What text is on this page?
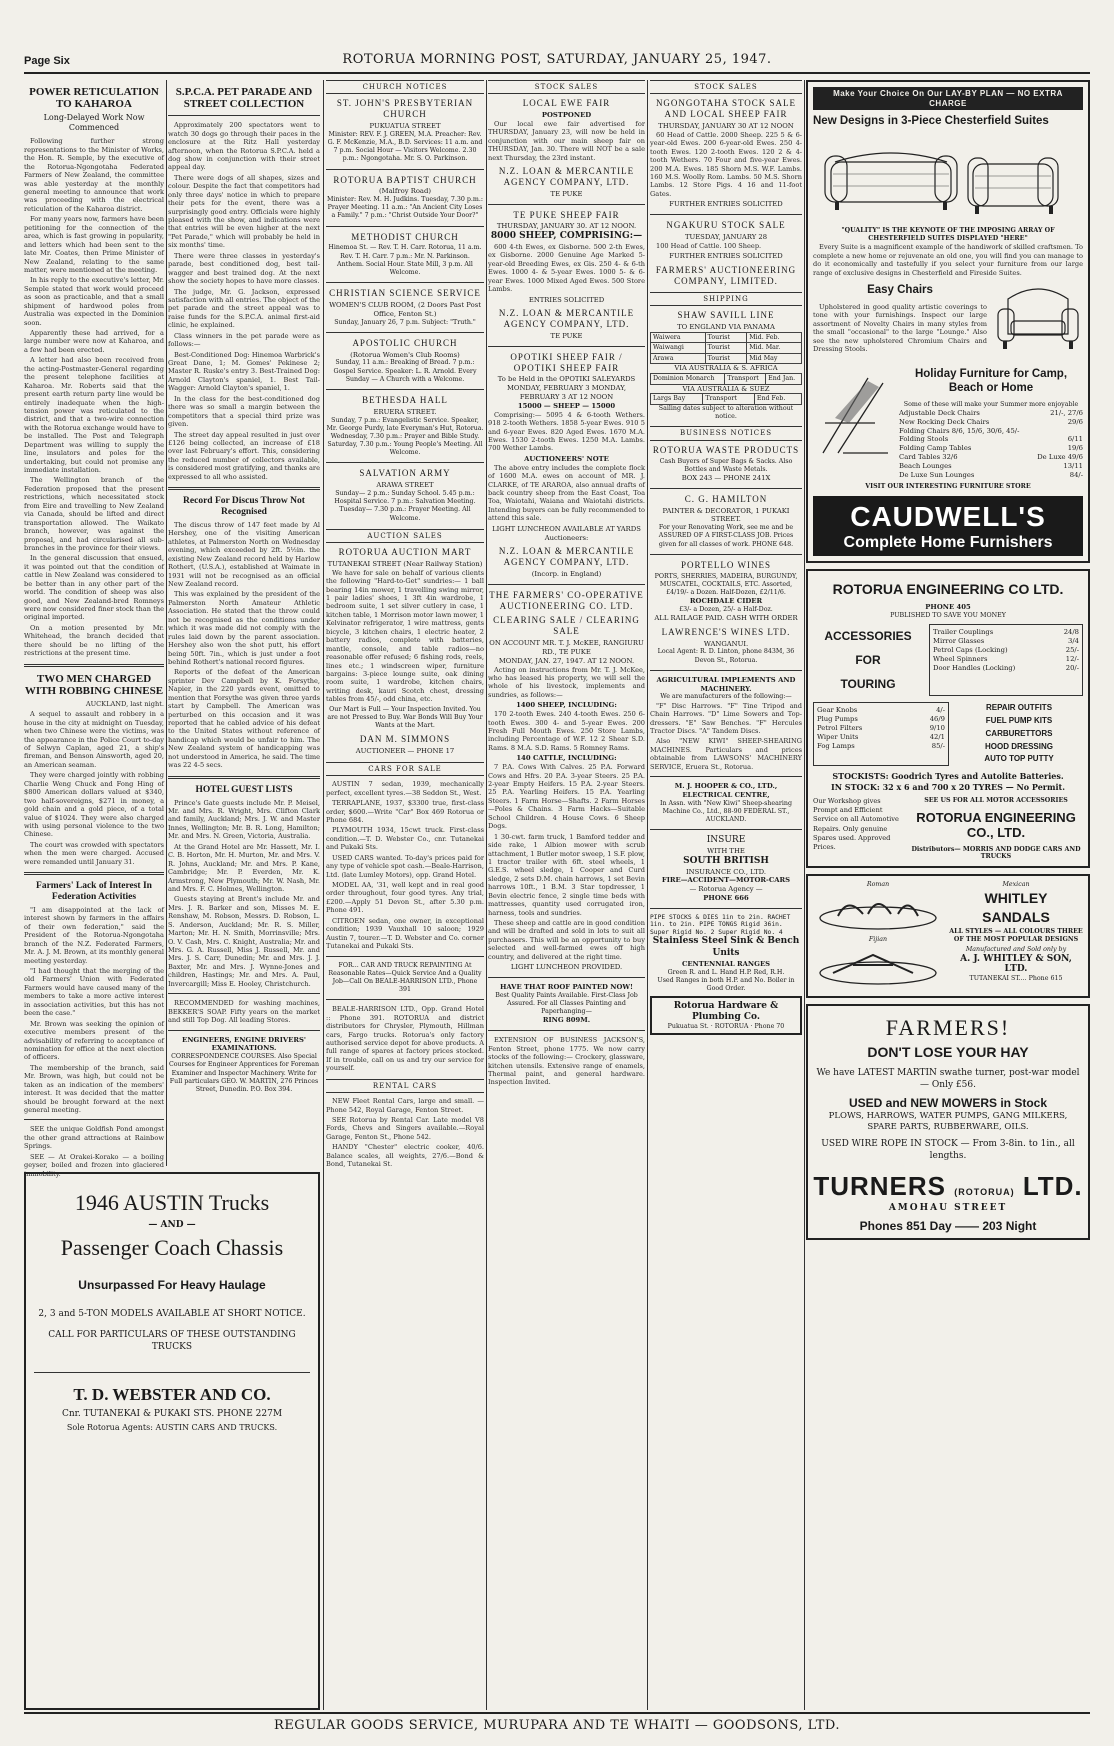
Page Six	ROTORUA MORNING POST, SATURDAY, JANUARY 25, 1947.
POWER RETICULATION TO KAHAROA
Long-Delayed Work Now Commenced

Following further strong representations to the Minister of Works, the Hon. R. Semple, by the executive of the Rotorua-Ngongotaha Federated Farmers of New Zealand, the committee was able yesterday at the monthly general meeting to announce that work was proceeding with the electrical reticulation of the Kaharoa district.

For many years now, farmers have been petitioning for the connection of the area, which is fast growing in popularity, and letters which had been sent to the late Mr. Coates, then Prime Minister of New Zealand, relating to the same matter, were mentioned at the meeting.

In his reply to the executive's letter, Mr. Semple stated that work would proceed as soon as practicable, and that a small shipment of hardwood poles from Australia was expected in the Dominion soon.

Apparently these had arrived, for a large number were now at Kaharoa, and a few had been erected.

A letter had also been received from the acting-Postmaster-General regarding the present telephone facilities at Kaharoa. Mr. Roberts said that the present earth return party line would be entirely inadequate when the high-tension power was reticulated to the district, and that a two-wire connection with the Rotorua exchange would have to be installed. The Post and Telegraph Department was willing to supply the line, insulators and poles for the undertaking, but could not promise any immediate installation.

The Wellington branch of the Federation proposed that the present restrictions, which necessitated stock from Eire and travelling to New Zealand via Canada, should be lifted and direct transportation allowed. The Waikato branch, however, was against the proposal, and had circularised all sub-branches in the province for their views.

In the general discussion that ensued, it was pointed out that the condition of cattle in New Zealand was considered to be better than in any other part of the world. The condition of sheep was also good, and New Zealand-bred Romneys were now considered finer stock than the original imported.

On a motion presented by Mr. Whitehead, the branch decided that there should be no lifting of the restrictions at the present time.

TWO MEN CHARGED WITH ROBBING CHINESE

AUCKLAND, last night.

A sequel to assault and robbery in a house in the city at midnight on Tuesday, when two Chinese were the victims, was the appearance in the Police Court to-day of Selwyn Caplan, aged 21, a ship's fireman, and Benson Ainsworth, aged 20, an American seaman.

They were charged jointly with robbing Charlie Weng Chuck and Fong Hing of $800 American dollars valued at $340, two half-sovereigns, $271 in money, a gold chain and a gold piece, of a total value of $1024. They were also charged with using personal violence to the two Chinese.

The court was crowded with spectators when the men were charged. Accused were remanded until January 31.

Farmers' Lack of Interest In Federation Activities

"I am disappointed at the lack of interest shown by farmers in the affairs of their own federation," said the President of the Rotorua-Ngongotaha branch of the N.Z. Federated Farmers, Mr. A. J. M. Brown, at its monthly general meeting yesterday.

"I had thought that the merging of the old Farmers' Union with Federated Farmers would have caused many of the members to take a more active interest in association activities, but this has not been the case."

Mr. Brown was seeking the opinion of executive members present of the advisability of referring to acceptance of nomination for office at the next election of officers.

The membership of the branch, said Mr. Brown, was high, but could not be taken as an indication of the members' interest. It was decided that the matter should be brought forward at the next general meeting.

SEE the unique Goldfish Pond amongst the other grand attractions at Rainbow Springs.

SEE — At Orakei-Korako — a boiling geyser, boiled and frozen into glaciered immobility.

S.P.C.A. PET PARADE AND STREET COLLECTION

Approximately 200 spectators went to watch 30 dogs go through their paces in the enclosure at the Ritz Hall yesterday afternoon, when the Rotorua S.P.C.A. held a dog show in conjunction with their street appeal day.

There were dogs of all shapes, sizes and colour. Despite the fact that competitors had only three days' notice in which to prepare their pets for the event, there was a surprisingly good entry. Officials were highly pleased with the show, and indications were that entries will be even higher at the next "Pet Parade," which will probably be held in six months' time.

There were three classes in yesterday's parade, best conditioned dog, best tail-wagger and best trained dog. At the next show the society hopes to have more classes.

The judge, Mr. G. Jackson, expressed satisfaction with all entries. The object of the pet parade and the street appeal was to raise funds for the S.P.C.A. animal first-aid clinic, he explained.

Class winners in the pet parade were as follows:—

Best-Conditioned Dog: Hinemoa Warbrick's Great Dane, 1; M. Gomes' Pekinese 2; Master R. Ruske's entry 3. Best-Trained Dog: Arnold Clayton's spaniel, 1. Best Tail-Wagger: Arnold Clayton's spaniel, 1.

In the class for the best-conditioned dog there was so small a margin between the competitors that a special third prize was given.

The street day appeal resulted in just over £126 being collected, an increase of £18 over last February's effort. This, considering the reduced number of collectors available, is considered most gratifying, and thanks are expressed to all who assisted.

Record For Discus Throw Not Recognised

The discus throw of 147 feet made by Al Hershey, one of the visiting American athletes, at Palmerston North on Wednesday evening, which exceeded by 2ft. 5½in. the existing New Zealand record held by Harlow Rothert, (U.S.A.), established at Waimate in 1931 will not be recognised as an official New Zealand record.

This was explained by the president of the Palmerston North Amateur Athletic Association. He stated that the throw could not be recognised as the conditions under which it was made did not comply with the rules laid down by the parent association. Hershey also won the shot putt, his effort being 50ft. 7in., which is just under a foot behind Rothert's national record figures.

Reports of the defeat of the American sprinter Dev Campbell by K. Forsythe, Napier, in the 220 yards event, omitted to mention that Forsythe was given three yards start by Campbell. The American was perturbed on this occasion and it was reported that he cabled advice of his defeat to the United States without reference of handicap which would be unfair to him. The New Zealand system of handicapping was not understood in America, he said. The time was 22 4-5 secs.

HOTEL GUEST LISTS

Prince's Gate guests include Mr. P. Meisel, Mr. and Mrs. R. Wright, Mrs. Clifton Clark and family, Auckland; Mrs. J. W. and Master Innes, Wellington; Mr. B. R. Long, Hamilton; Mr. and Mrs. N. Green, Victoria, Australia.

At the Grand Hotel are Mr. Hassett, Mr. I. C. B. Horton, Mr. H. Murton, Mr. and Mrs. V. R. Johns, Auckland; Mr. and Mrs. P. Kane, Cambridge; Mr. P. Everden, Mr. K. Armstrong, New Plymouth; Mr. W. Nash, Mr. and Mrs. F. C. Holmes, Wellington.

Guests staying at Brent's include Mr. and Mrs. J. R. Barker and son, Misses M. E. Renshaw, M. Robson, Messrs. D. Robson, L. S. Anderson, Auckland; Mr. R. S. Miller, Marton; Mr. H. N. Smith, Morrinsville; Mrs. O. V. Cash, Mrs. C. Knight, Australia; Mr. and Mrs. G. A. Russell, Miss J. Russell, Mr. and Mrs. J. S. Carr, Dunedin; Mr. and Mrs. J. J. Baxter, Mr. and Mrs. J. Wynne-Jones and children, Hastings; Mr. and Mrs. A. Paul, Invercargill; Miss E. Hooley, Christchurch.

RECOMMENDED for washing machines, BEKKER'S SOAP. Fifty years on the market and still Top Dog. All leading Stores.

ENGINEERS, ENGINE DRIVERS' EXAMINATIONS.
CORRESPONDENCE COURSES. Also Special Courses for Engineer Apprentices for Foreman Examiner and Inspector Machinery. Write for Full particulars GEO. W. MARTIN, 276 Princes Street, Dunedin. P.O. Box 394.
1946 AUSTIN Trucks
— AND —
Passenger Coach Chassis
Unsurpassed For Heavy Haulage
2, 3 and 5-TON MODELS AVAILABLE AT SHORT NOTICE.
CALL FOR PARTICULARS OF THESE OUTSTANDING TRUCKS
T. D. WEBSTER AND CO.
Cnr. TUTANEKAI & PUKAKI STS. PHONE 227M
Sole Rotorua Agents: AUSTIN CARS AND TRUCKS.
CHURCH NOTICES
ST. JOHN'S PRESBYTERIAN CHURCH
PUKUATUA STREET
Minister: REV. F. J. GREEN, M.A. Preacher: Rev. G. F. McKenzie, M.A., B.D. Services: 11 a.m. and 7 p.m. Social Hour — Visitors Welcome. 2.30 p.m.: Ngongotaha. Mr. S. O. Parkinson.
ROTORUA BAPTIST CHURCH
(Malfroy Road)
Minister: Rev. M. H. Judkins. Tuesday, 7.30 p.m.: Prayer Meeting. 11 a.m.: "An Ancient City Loses a Family." 7 p.m.: "Christ Outside Your Door?"
METHODIST CHURCH
Hinemoa St. — Rev. T. H. Carr. Rotorua, 11 a.m. Rev. T. H. Carr. 7 p.m.: Mr. N. Parkinson. Anthem. Social Hour. State Mill, 3 p.m. All Welcome.
CHRISTIAN SCIENCE SERVICE
WOMEN'S CLUB ROOM, (2 Doors Past Post Office, Fenton St.)
Sunday, January 26, 7 p.m. Subject: "Truth."
APOSTOLIC CHURCH
(Rotorua Women's Club Rooms)
Sunday, 11 a.m.: Breaking of Bread. 7 p.m.: Gospel Service. Speaker: L. R. Arnold. Every Sunday — A Church with a Welcome.
BETHESDA HALL
ERUERA STREET.
Sunday, 7 p.m.: Evangelistic Service. Speaker, Mr. George Purdy, late Everyman's Hut, Rotorua. Wednesday, 7.30 p.m.: Prayer and Bible Study. Saturday, 7.30 p.m.: Young People's Meeting. All Welcome.
SALVATION ARMY
ARAWA STREET
Sunday— 2 p.m.: Sunday School. 5.45 p.m.: Hospital Service. 7 p.m.: Salvation Meeting. Tuesday— 7.30 p.m.: Prayer Meeting. All Welcome.
AUCTION SALES
ROTORUA AUCTION MART
TUTANEKAI STREET (Near Railway Station)

We have for sale on behalf of various clients the following "Hard-to-Get" sundries:— 1 ball bearing 14in mower, 1 travelling swing mirror, 1 pair ladies' shoes, 1 3ft 4in wardrobe, 1 bedroom suite, 1 set silver cutlery in case, 1 kitchen table, 1 Morrison motor lawn mower, 1 Kelvinator refrigerator, 1 wire mattress, gents bicycle, 3 kitchen chairs, 1 electric heater, 2 battery radios, complete with batteries, mantle, console, and table radios—no reasonable offer refused; 6 fishing rods, reels, lines etc.; 1 windscreen wiper, furniture bargains: 3-piece lounge suite, oak dining room suite, 1 wardrobe, kitchen chairs, writing desk, kauri Scotch chest, dressing tables from 45/-, odd china, etc.

Our Mart is Full — Your Inspection Invited. You are not Pressed to Buy. War Bonds Will Buy Your Wants at the Mart.
DAN M. SIMMONS
AUCTIONEER — PHONE 17
CARS FOR SALE

AUSTIN 7 sedan, 1939, mechanically perfect, excellent tyres.—38 Seddon St., West.

TERRAPLANE, 1937, $3300 true, first-class order, $600.—Write "Car" Box 469 Rotorua or Phone 684.

PLYMOUTH 1934, 15cwt truck. First-class condition.—T. D. Webster Co., cnr. Tutanekai and Pukaki Sts.

USED CARS wanted. To-day's prices paid for any type of vehicle spot cash.—Beale-Harrison, Ltd. (late Lumley Motors), opp. Grand Hotel.

MODEL AA, '31, well kept and in real good order throughout, four good tyres. Any trial, £200.—Apply 51 Devon St., after 5.30 p.m. Phone 491.

CITROEN sedan, one owner, in exceptional condition; 1939 Vauxhall 10 saloon; 1929 Austin 7, tourer.—T. D. Webster and Co. corner Tutanekai and Pukaki Sts.

FOR... CAR AND TRUCK REPAINTING At Reasonable Rates—Quick Service And a Quality Job—Call On BEALE-HARRISON LTD., Phone 391

BEALE-HARRISON LTD., Opp. Grand Hotel :: Phone 391. ROTORUA and district distributors for Chrysler, Plymouth, Hillman cars, Fargo trucks. Rotorua's only factory authorised service depot for above products. A full range of spares at factory prices stocked. If in trouble, call on us and try our service for yourself.

RENTAL CARS

NEW Fleet Rental Cars, large and small. — Phone 542, Royal Garage, Fenton Street.

SEE Rotorua by Rental Car. Late model V8 Fords, Chevs and Singers available.—Royal Garage, Fenton St., Phone 542.

HANDY "Chester" electric cooker, 40/6. Balance scales, all weights, 27/6.—Bond & Bond, Tutanekai St.

STOCK SALES
LOCAL EWE FAIR
POSTPONED

Our local ewe fair advertised for THURSDAY, January 23, will now be held in conjunction with our main sheep fair on THURSDAY, Jan. 30. There will NOT be a sale next Thursday, the 23rd instant.

N.Z. LOAN & MERCANTILE AGENCY COMPANY, LTD.
TE PUKE
TE PUKE SHEEP FAIR
THURSDAY, JANUARY 30. AT 12 NOON.
8000 SHEEP, COMPRISING:—

600 4-th Ewes, ex Gisborne. 500 2-th Ewes, ex Gisborne. 2000 Genuine Age Marked 5-year-old Breeding Ewes, ex Gis. 250 4- & 6-th Ewes. 1000 4- & 5-year Ewes. 1000 5- & 6-year Ewes. 1000 Mixed Aged Ewes. 500 Store Lambs.

ENTRIES SOLICITED
N.Z. LOAN & MERCANTILE AGENCY COMPANY, LTD.
TE PUKE
OPOTIKI SHEEP FAIR / OPOTIKI SHEEP FAIR
To be Held in the OPOTIKI SALEYARDS MONDAY, FEBRUARY 3 MONDAY, FEBRUARY 3 AT 12 NOON
15000 — SHEEP — 15000

Comprising:— 5095 4 & 6-tooth Wethers. 918 2-tooth Wethers. 1858 5-year Ewes. 910 5 and 6-year Ewes. 820 Aged Ewes. 1670 M.A. Ewes. 1530 2-tooth Ewes. 1250 M.A. Lambs. 700 Wether Lambs.

AUCTIONEERS' NOTE

The above entry includes the complete flock of 1600 M.A. ewes on account of MR. J. CLARKE, of TE ARAROA, also annual drafts of back country sheep from the East Coast, Toa Toa, Waiotahi, Waiana and Waiotahi districts. Intending buyers can be fully recommended to attend this sale.

LIGHT LUNCHEON AVAILABLE AT YARDS
Auctioneers:
N.Z. LOAN & MERCANTILE AGENCY COMPANY, LTD.
(Incorp. in England)
THE FARMERS' CO-OPERATIVE AUCTIONEERING CO. LTD.
CLEARING SALE / CLEARING SALE
ON ACCOUNT MR. T. J. McKEE, RANGIURU RD., TE PUKE
MONDAY, JAN. 27, 1947. AT 12 NOON.

Acting on instructions from Mr. T. J. McKee, who has leased his property, we will sell the whole of his livestock, implements and sundries, as follows:—

1400 SHEEP, INCLUDING:

170 2-tooth Ewes. 240 4-tooth Ewes. 250 6-tooth Ewes. 300 4- and 5-year Ewes. 200 Fresh Full Mouth Ewes. 250 Store Lambs, including Percentage of W.F. 12 2 Shear S.D. Rams. 8 M.A. S.D. Rams. 5 Romney Rams.

140 CATTLE, INCLUDING:

7 P.A. Cows With Calves. 25 P.A. Forward Cows and Hfrs. 20 P.A. 3-year Steers. 25 P.A. 2-year Empty Heifers. 15 P.A. 2-year Steers. 25 P.A. Yearling Heifers. 15 P.A. Yearling Steers. 1 Farm Horse—Shafts. 2 Farm Horses—Poles & Chains. 3 Farm Hacks—Suitable School Children. 4 House Cows. 6 Sheep Dogs.

1 30-cwt. farm truck, 1 Bamford tedder and side rake, 1 Albion mower with scrub attachment, 1 Butler motor sweep, 1 S.F. plow, 1 tractor trailer with 6ft. steel wheels, 1 G.E.S. wheel sledge, 1 Cooper and Curd sledge, 2 sets D.M. chain harrows, 1 set Bevin harrows 10ft., 1 B.M. 3 Star topdresser, 1 Bevin electric fence, 2 single time beds with mattresses, quantity used corrugated iron, harness, tools and sundries.

These sheep and cattle are in good condition and will be drafted and sold in lots to suit all purchasers. This will be an opportunity to buy selected and well-farmed ewes off high country, and delivered at the right time.

LIGHT LUNCHEON PROVIDED.
HAVE THAT ROOF PAINTED NOW!
Best Quality Paints Available. First-Class Job Assured. For all Classes Painting and Paperhanging—
RING 809M.

EXTENSION OF BUSINESS JACKSON'S, Fenton Street, phone 1775. We now carry stocks of the following:— Crockery, glassware, kitchen utensils. Extensive range of enamels, Thermal paint, and general hardware. Inspection Invited.

STOCK SALES
NGONGOTAHA STOCK SALE AND LOCAL SHEEP FAIR
THURSDAY, JANUARY 30 AT 12 NOON

60 Head of Cattle. 2000 Sheep. 225 5 & 6-year-old Ewes. 200 6-year-old Ewes. 250 4-tooth Ewes. 120 2-tooth Ewes. 120 2 & 4-tooth Wethers. 70 Four and five-year Ewes. 200 M.A. Ewes. 185 Shorn M.S. W.F. Lambs. 160 M.S. Woolly Rom. Lambs. 50 M.S. Shorn Lambs. 12 Store Pigs. 4 16 and 11-foot Gates.

FURTHER ENTRIES SOLICITED
NGAKURU STOCK SALE
TUESDAY, JANUARY 28

100 Head of Cattle. 100 Sheep.

FURTHER ENTRIES SOLICITED
FARMERS' AUCTIONEERING COMPANY, LIMITED.
SHIPPING
SHAW SAVILL LINE
TO ENGLAND VIA PANAMA
Waiwera	Tourist	Mid. Feb.
Waiwangi	Tourist	Mid. Mar.
Arawa	Tourist	Mid May
VIA AUSTRALIA & S. AFRICA
Dominion Monarch	Transport	End Jan.
VIA AUSTRALIA & SUEZ
Largs Bay	Transport	End Feb.
Sailing dates subject to alteration without notice.
BUSINESS NOTICES
ROTORUA WASTE PRODUCTS
Cash Buyers of Super Bags & Sacks. Also Bottles and Waste Metals.
BOX 243 — PHONE 241X
C. G. HAMILTON
PAINTER & DECORATOR, 1 PUKAKI STREET.
For your Renovating Work, see me and be ASSURED OF A FIRST-CLASS JOB. Prices given for all classes of work. PHONE 648.
PORTELLO WINES
PORTS, SHERRIES, MADEIRA, BURGUNDY, MUSCATEL, COCKTAILS, ETC. Assorted, £4/19/- a Dozen. Half-Dozen, £2/11/6.
ROCHDALE CIDER
£3/- a Dozen, 25/- a Half-Doz.
ALL RAILAGE PAID. CASH WITH ORDER
LAWRENCE'S WINES LTD.
WANGANUI.
Local Agent: R. D. Linton, phone 843M, 36 Devon St., Rotorua.
AGRICULTURAL IMPLEMENTS AND MACHINERY.
We are manufacturers of the following:—

"F" Disc Harrows. "F" Tine Tripod and Chain Harrows. "D" Lime Sowers and Top-dressers. "E" Saw Benches. "F" Hercules Tractor Discs. "A" Tandem Discs.

Also "NEW KIWI" SHEEP-SHEARING MACHINES. Particulars and prices obtainable from LAWSONS' MACHINERY SERVICE, Eruera St., Rotorua.

M. J. HOOPER & CO., LTD., ELECTRICAL CENTRE,
In Assn. with "New Kiwi" Sheep-shearing Machine Co., Ltd., 88-90 FEDERAL ST., AUCKLAND.
INSURE
WITH THE
SOUTH BRITISH
INSURANCE CO., LTD.
FIRE—ACCIDENT—MOTOR-CARS
— Rotorua Agency —
PHONE 666
PIPE STOCKS & DIES 1in to 2in. RACHET 1in. to 2in. PIPE TONGS Rigid 36in. Super Rigid No. 2 Super Rigid No. 4
Stainless Steel Sink & Bench Units
CENTENNIAL RANGES
Green R. and L. Hand H.P. Red, R.H.
Used Ranges in both H.P. and No. Boiler in Good Order.
Rotorua Hardware & Plumbing Co.
Pukuatua St. · ROTORUA · Phone 70
Make Your Choice On Our LAY-BY PLAN — NO EXTRA CHARGE
New Designs in 3-Piece Chesterfield Suites
"QUALITY" IS THE KEYNOTE OF THE IMPOSING ARRAY OF CHESTERFIELD SUITES DISPLAYED "HERE"

Every Suite is a magnificent example of the handiwork of skilled craftsmen. To complete a new home or rejuvenate an old one, you will find you can manage to do it economically and tastefully if you select your furniture from our large range of exclusive designs in Chesterfield and Fireside Suites.

Easy Chairs

Upholstered in good quality artistic coverings to tone with your furnishings. Inspect our large assortment of Novelty Chairs in many styles from the small "occasional" to the large "Lounge." Also see the new upholstered Chromium Chairs and Dressing Stools.

Holiday Furniture for Camp, Beach or Home
Some of these will make your Summer more enjoyable
Adjustable Deck Chairs	21/-, 27/6
New Rocking Deck Chairs	29/6
Folding Chairs 8/6, 15/6, 30/6, 45/-
Folding Stools	6/11
Folding Camp Tables	19/6
Card Tables 32/6	De Luxe 49/6
Beach Lounges	13/11
De Luxe Sun Lounges	84/-
VISIT OUR INTERESTING FURNITURE STORE
CAUDWELL'S
Complete Home Furnishers
ROTORUA ENGINEERING CO LTD.
PHONE 405
PUBLISHED TO SAVE YOU MONEY
ACCESSORIES
FOR
TOURING
Trailer Couplings	24/8
Mirror Glasses	3/4
Petrol Caps (Locking)	25/-
Wheel Spinners	12/-
Door Handles (Locking)	20/-
Gear Knobs	4/-
Plug Pumps	46/9
Petrol Filters	9/10
Wiper Units	42/1
Fog Lamps	85/-
REPAIR OUTFITS
FUEL PUMP KITS
CARBURETTORS
HOOD DRESSING
AUTO TOP PUTTY
STOCKISTS: Goodrich Tyres and Autolite Batteries.
IN STOCK: 32 x 6 and 700 x 20 TYRES — No Permit.
Our Workshop gives Prompt and Efficient Service on all Automotive Repairs. Only genuine Spares used. Approved Prices.
SEE US FOR ALL MOTOR ACCESSORIES
ROTORUA ENGINEERING CO., LTD.
Distributors— MORRIS AND DODGE CARS AND TRUCKS
Roman
Fijian
Mexican
WHITLEY
SANDALS
ALL STYLES — ALL COLOURS THREE OF THE MOST POPULAR DESIGNS
Manufactured and Sold only by
A. J. WHITLEY & SON, LTD.
TUTANEKAI ST.... Phone 615
FARMERS!
DON'T LOSE YOUR HAY
We have LATEST MARTIN swathe turner, post-war model — Only £56.
USED and NEW MOWERS in Stock
PLOWS, HARROWS, WATER PUMPS, GANG MILKERS, SPARE PARTS, RUBBERWARE, OILS.
USED WIRE ROPE IN STOCK — From 3-8in. to 1in., all lengths.
TURNERS (ROTORUA) LTD.
AMOHAU STREET
Phones 851 Day —— 203 Night
REGULAR GOODS SERVICE, MURUPARA AND TE WHAITI — GOODSONS, LTD.
